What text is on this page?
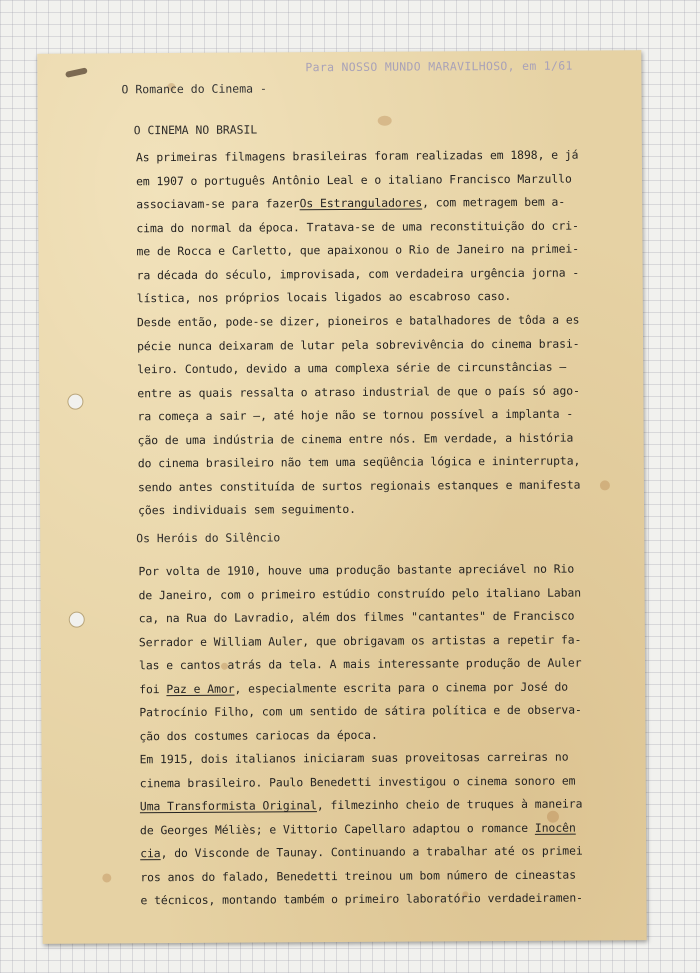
Para NOSSO MUNDO MARAVILHOSO, em 1/61
O Romance do Cinema -
O CINEMA NO BRASIL
As primeiras filmagens brasileiras foram realizadas em 1898, e já
em 1907 o português Antônio Leal e o italiano Francisco Marzullo
associavam-se para fazerOs Estranguladores, com metragem bem a-
cima do normal da época. Tratava-se de uma reconstituição do cri-
me de Rocca e Carletto, que apaixonou o Rio de Janeiro na primei-
ra década do século, improvisada, com verdadeira urgência jorna -
lística, nos próprios locais ligados ao escabroso caso.
Desde então, pode-se dizer, pioneiros e batalhadores de tôda a es
pécie nunca deixaram de lutar pela sobrevivência do cinema brasi-
leiro. Contudo, devido a uma complexa série de circunstâncias —
entre as quais ressalta o atraso industrial de que o país só ago-
ra começa a sair —, até hoje não se tornou possível a implanta -
ção de uma indústria de cinema entre nós. Em verdade, a história
do cinema brasileiro não tem uma seqüência lógica e ininterrupta,
sendo antes constituída de surtos regionais estanques e manifesta
ções individuais sem seguimento.
Os Heróis do Silêncio
Por volta de 1910, houve uma produção bastante apreciável no Rio
de Janeiro, com o primeiro estúdio construído pelo italiano Laban
ca, na Rua do Lavradio, além dos filmes "cantantes" de Francisco
Serrador e William Auler, que obrigavam os artistas a repetir fa-
las e cantos atrás da tela. A mais interessante produção de Auler
foi Paz e Amor, especialmente escrita para o cinema por José do
Patrocínio Filho, com um sentido de sátira política e de observa-
ção dos costumes cariocas da época.
Em 1915, dois italianos iniciaram suas proveitosas carreiras no
cinema brasileiro. Paulo Benedetti investigou o cinema sonoro em
Uma Transformista Original, filmezinho cheio de truques à maneira
de Georges Méliès; e Vittorio Capellaro adaptou o romance Inocên
cia, do Visconde de Taunay. Continuando a trabalhar até os primei
ros anos do falado, Benedetti treinou um bom número de cineastas
e técnicos, montando também o primeiro laboratório verdadeiramen-
